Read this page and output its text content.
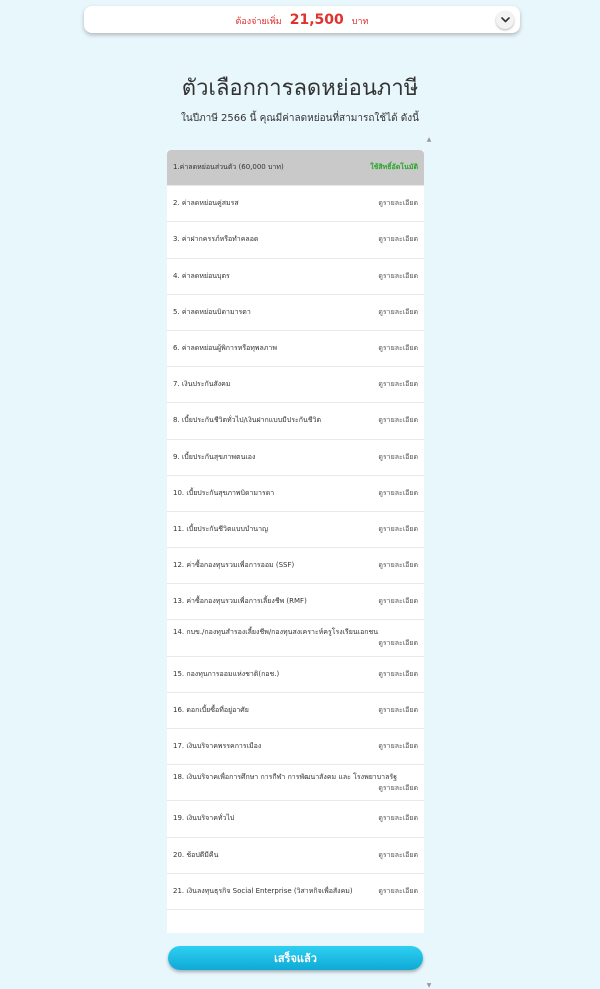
ต้องจ่ายเพิ่ม 21,500 บาท
ตัวเลือกการลดหย่อนภาษี
ในปีภาษี 2566 นี้ คุณมีค่าลดหย่อนที่สามารถใช้ได้ ดังนี้
1.ค่าลดหย่อนส่วนตัว (60,000 บาท)	ใช้สิทธิ์อัตโนมัติ
2. ค่าลดหย่อนคู่สมรส	ดูรายละเอียด
3. ค่าฝากครรภ์หรือทำคลอด	ดูรายละเอียด
4. ค่าลดหย่อนบุตร	ดูรายละเอียด
5. ค่าลดหย่อนบิดามารดา	ดูรายละเอียด
6. ค่าลดหย่อนผู้พิการหรือทุพลภาพ	ดูรายละเอียด
7. เงินประกันสังคม	ดูรายละเอียด
8. เบี้ยประกันชีวิตทั่วไป/เงินฝากแบบมีประกันชีวิต	ดูรายละเอียด
9. เบี้ยประกันสุขภาพตนเอง	ดูรายละเอียด
10. เบี้ยประกันสุขภาพบิดามารดา	ดูรายละเอียด
11. เบี้ยประกันชีวิตแบบบำนาญ	ดูรายละเอียด
12. ค่าซื้อกองทุนรวมเพื่อการออม (SSF)	ดูรายละเอียด
13. ค่าซื้อกองทุนรวมเพื่อการเลี้ยงชีพ (RMF)	ดูรายละเอียด
14. กบข./กองทุนสำรองเลี้ยงชีพ/กองทุนสงเคราะห์ครูโรงเรียนเอกชน
ดูรายละเอียด
15. กองทุนการออมแห่งชาติ(กอช.)	ดูรายละเอียด
16. ดอกเบี้ยซื้อที่อยู่อาศัย	ดูรายละเอียด
17. เงินบริจาคพรรคการเมือง	ดูรายละเอียด
18. เงินบริจาคเพื่อการศึกษา การกีฬา การพัฒนาสังคม และ โรงพยาบาลรัฐ
ดูรายละเอียด
19. เงินบริจาคทั่วไป	ดูรายละเอียด
20. ช้อปดีมีคืน	ดูรายละเอียด
21. เงินลงทุนธุรกิจ Social Enterprise (วิสาหกิจเพื่อสังคม)	ดูรายละเอียด
▲
▼
เสร็จแล้ว
